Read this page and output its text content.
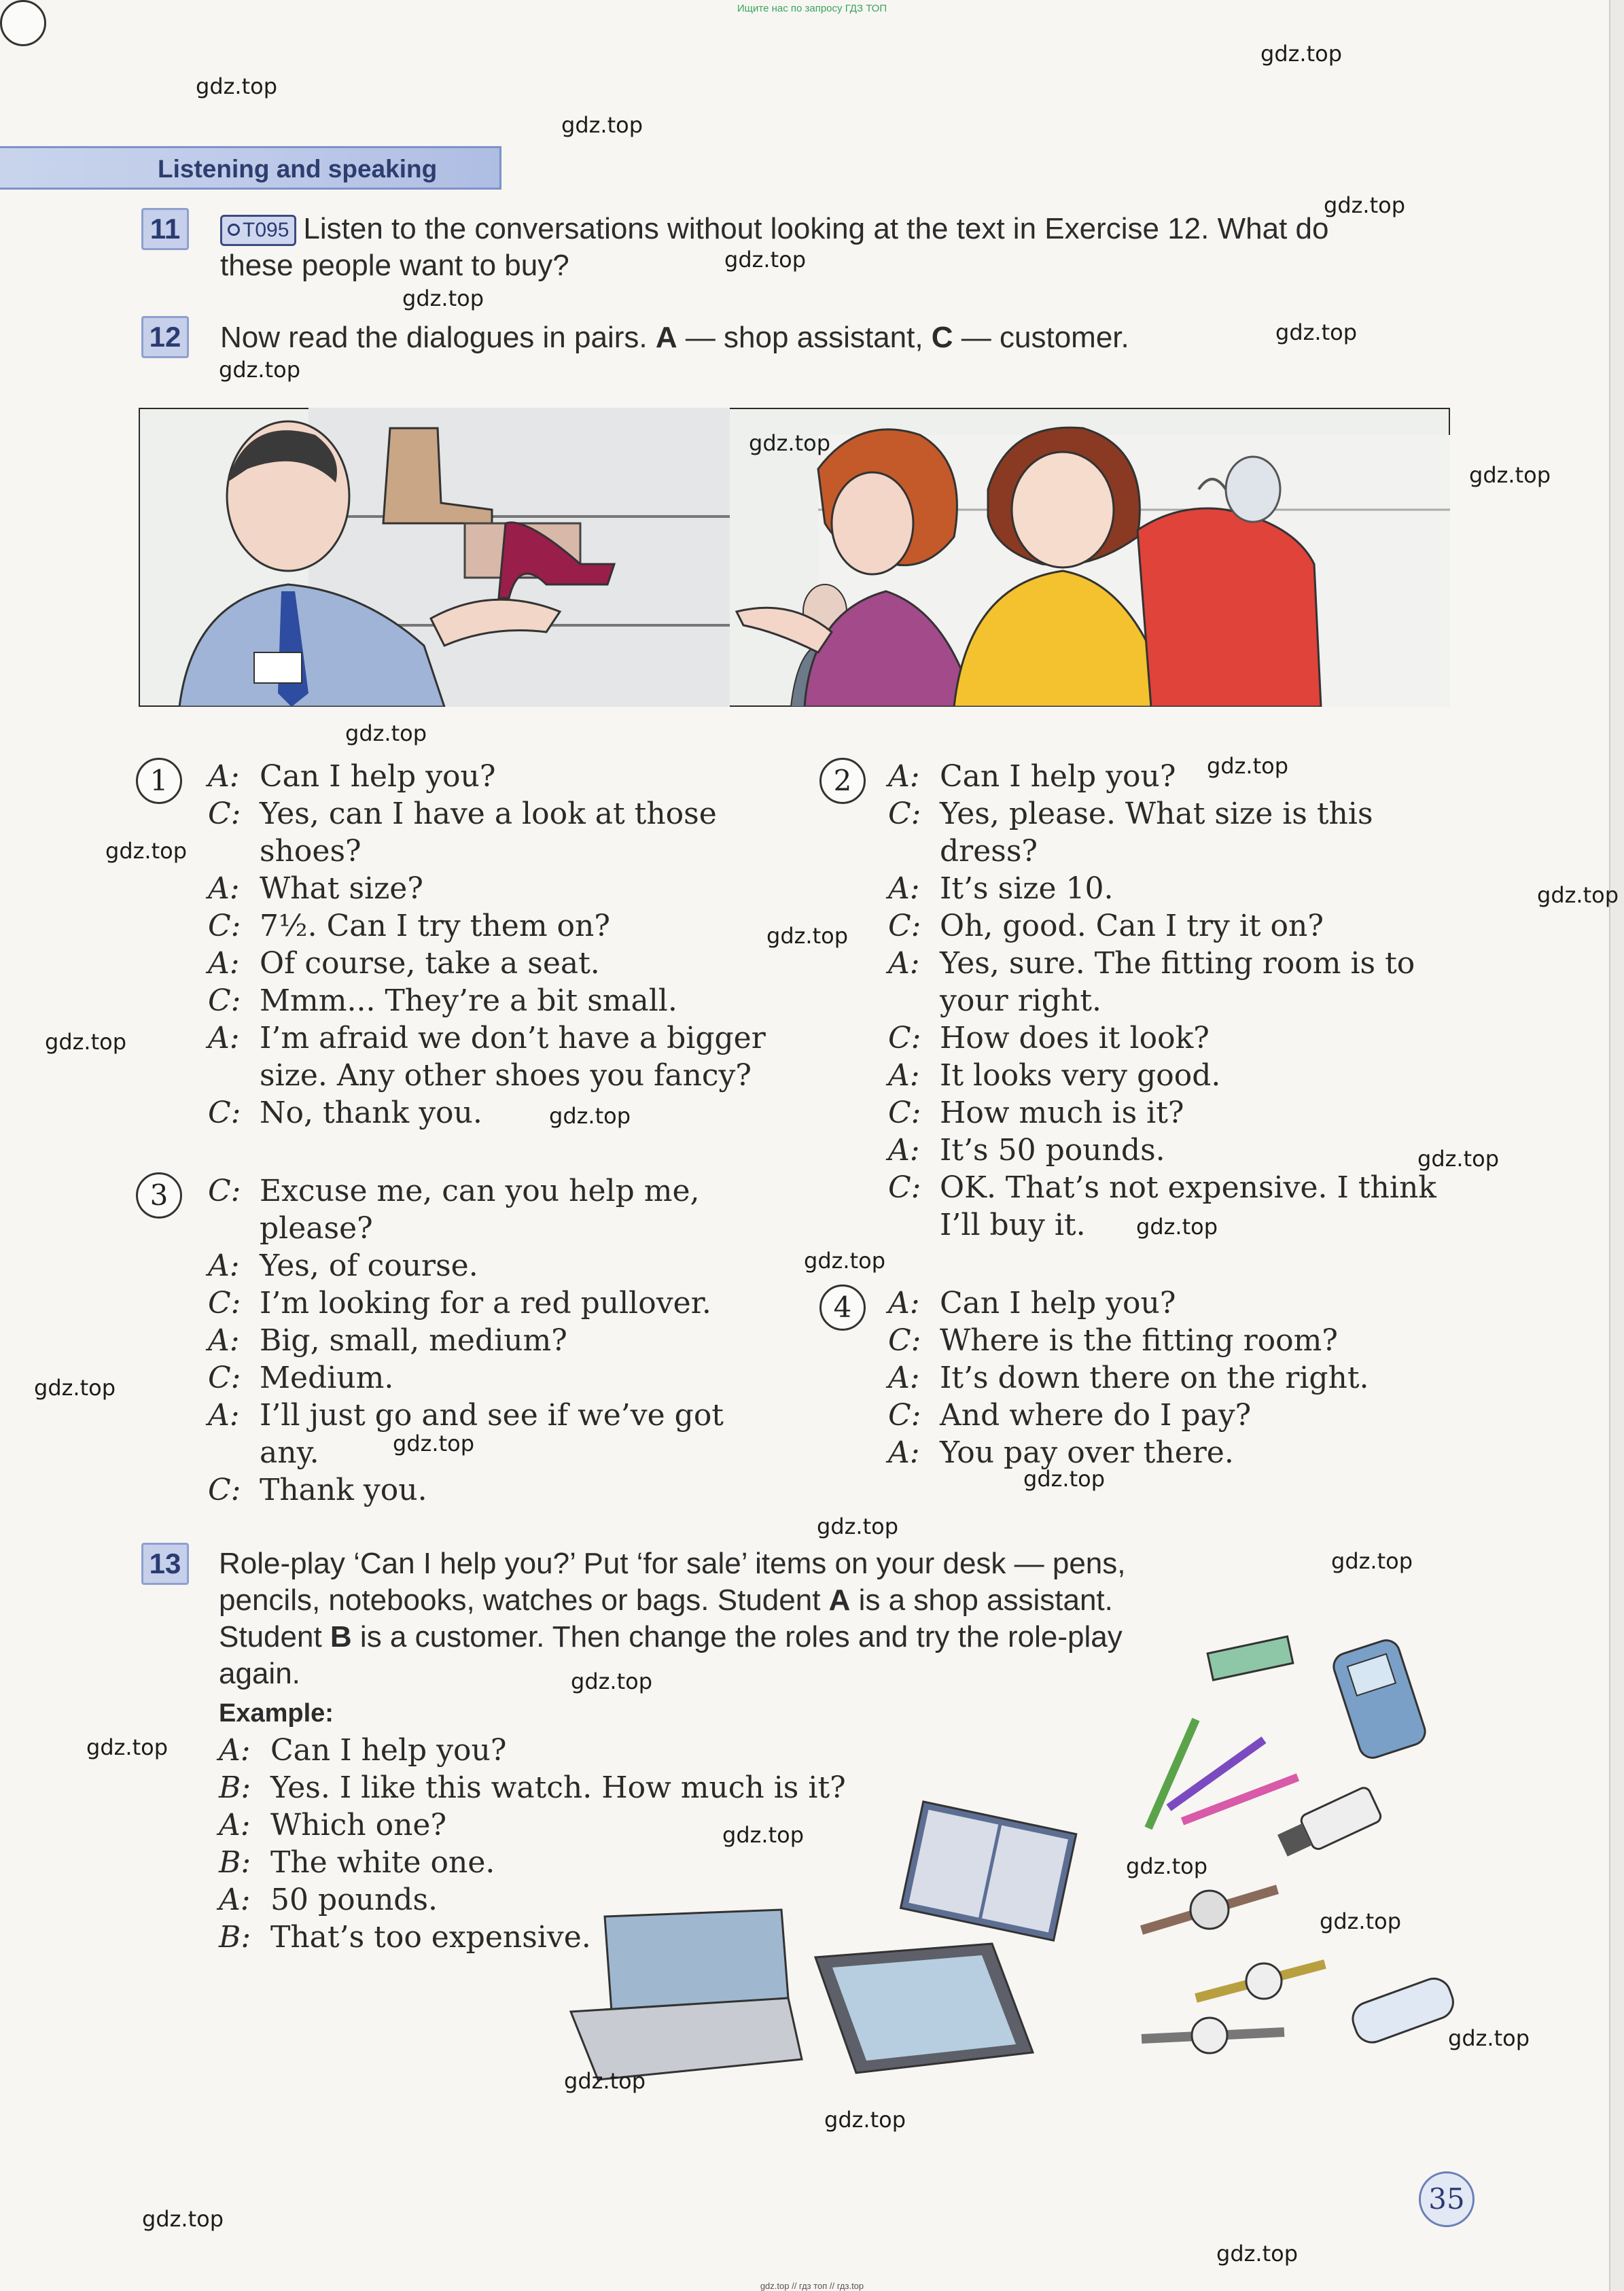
Ищите нас по запросу ГДЗ ТОП
gdz.top // гдз топ // гдз.top
Listening and speaking
11	T095 Listen to the conversations without looking at the text in Exercise 12. What do
these people want to buy?
12 Now read the dialogues in pairs. A — shop assistant, C — customer.
1	2
3
4
A: Can I help you?
C: Yes, can I have a look at those
shoes?
A: What size?
C: 7½. Can I try them on?
A: Of course, take a seat.
C: Mmm... They’re a bit small.
A: I’m afraid we don’t have a bigger
size. Any other shoes you fancy?
C: No, thank you.
A: Can I help you?
C: Yes, please. What size is this
dress?
A: It’s size 10.
C: Oh, good. Can I try it on?
A: Yes, sure. The fitting room is to
your right.
C: How does it look?
A: It looks very good.
C: How much is it?
A: It’s 50 pounds.
C: OK. That’s not expensive. I think
I’ll buy it.
C: Excuse me, can you help me,
please?
A: Yes, of course.
C: I’m looking for a red pullover.
A: Big, small, medium?
C: Medium.
A: I’ll just go and see if we’ve got
any.
C: Thank you.
A: Can I help you?
C: Where is the fitting room?
A: It’s down there on the right.
C: And where do I pay?
A: You pay over there.
13 Role-play ‘Can I help you?’ Put ‘for sale’ items on your desk — pens,
pencils, notebooks, watches or bags. Student A is a shop assistant.
Student B is a customer. Then change the roles and try the role-play
again.
Example:
A: Can I help you?
B: Yes. I like this watch. How much is it?
A: Which one?
B: The white one.
A: 50 pounds.
B: That’s too expensive.
35
gdz.top
gdz.top
gdz.top
gdz.top
gdz.top
gdz.top
gdz.top
gdz.top
gdz.top
gdz.top
gdz.top
gdz.top
gdz.top
gdz.top
gdz.top
gdz.top
gdz.top
gdz.top
gdz.top
gdz.top
gdz.top
gdz.top
gdz.top
gdz.top
gdz.top
gdz.top
gdz.top
gdz.top
gdz.top
gdz.top
gdz.top
gdz.top
gdz.top
gdz.top
gdz.top
